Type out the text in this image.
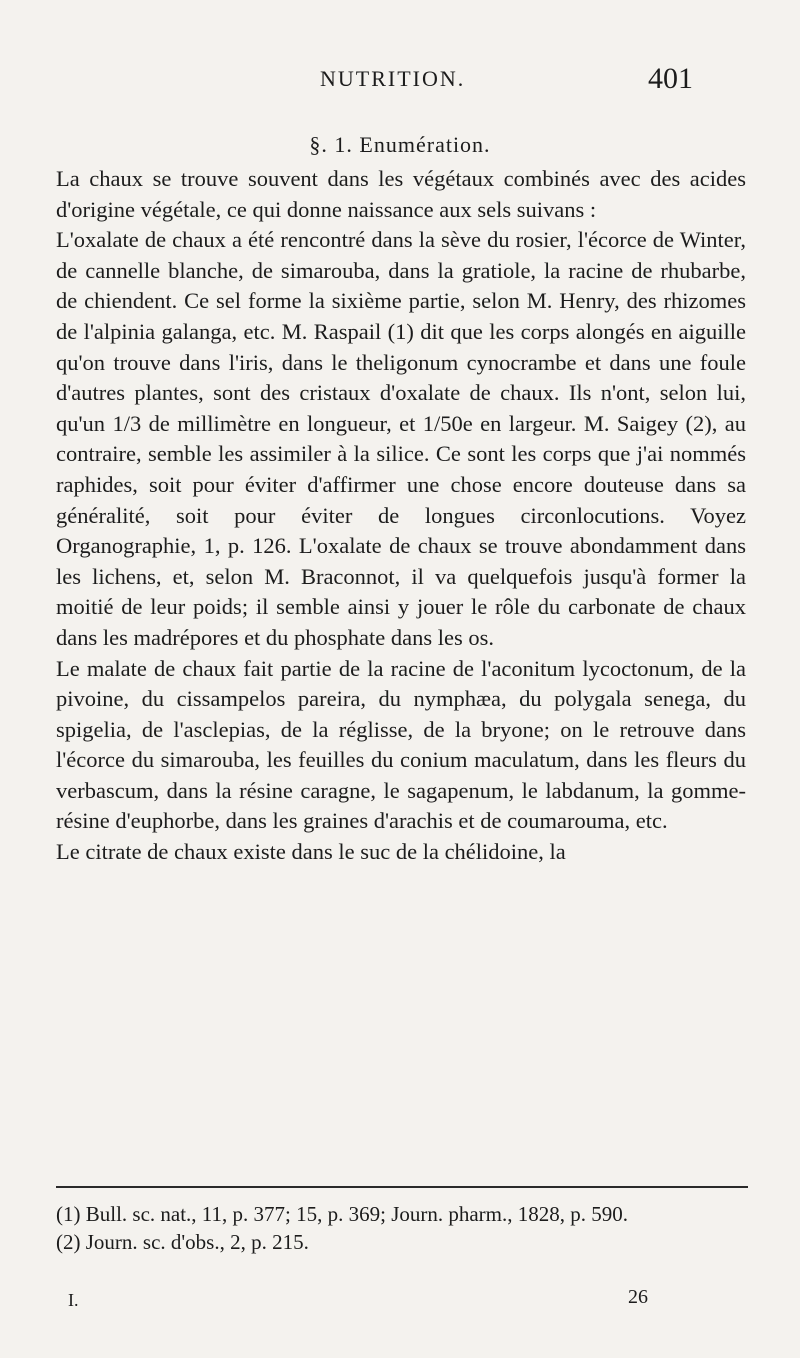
NUTRITION.	401
§. 1. Enumération.

La chaux se trouve souvent dans les végétaux combinés avec des acides d'origine végétale, ce qui donne naissance aux sels suivans :

L'oxalate de chaux a été rencontré dans la sève du rosier, l'écorce de Winter, de cannelle blanche, de simarouba, dans la gratiole, la racine de rhubarbe, de chiendent. Ce sel forme la sixième partie, selon M. Henry, des rhizomes de l'alpinia galanga, etc. M. Raspail (1) dit que les corps alongés en aiguille qu'on trouve dans l'iris, dans le theligonum cynocrambe et dans une foule d'autres plantes, sont des cristaux d'oxalate de chaux. Ils n'ont, selon lui, qu'un 1/3 de millimètre en longueur, et 1/50e en largeur. M. Saigey (2), au contraire, semble les assimiler à la silice. Ce sont les corps que j'ai nommés raphides, soit pour éviter d'affirmer une chose encore douteuse dans sa généralité, soit pour éviter de longues circonlocutions. Voyez Organographie, 1, p. 126. L'oxalate de chaux se trouve abondamment dans les lichens, et, selon M. Braconnot, il va quelquefois jusqu'à former la moitié de leur poids; il semble ainsi y jouer le rôle du carbonate de chaux dans les madrépores et du phosphate dans les os.

Le malate de chaux fait partie de la racine de l'aconitum lycoctonum, de la pivoine, du cissampelos pareira, du nymphæa, du polygala senega, du spigelia, de l'asclepias, de la réglisse, de la bryone; on le retrouve dans l'écorce du simarouba, les feuilles du conium maculatum, dans les fleurs du verbascum, dans la résine caragne, le sagapenum, le labdanum, la gomme-résine d'euphorbe, dans les graines d'arachis et de coumarouma, etc.

Le citrate de chaux existe dans le suc de la chélidoine, la

(1) Bull. sc. nat., 11, p. 377; 15, p. 369; Journ. pharm., 1828, p. 590.

(2) Journ. sc. d'obs., 2, p. 215.

I.	26
